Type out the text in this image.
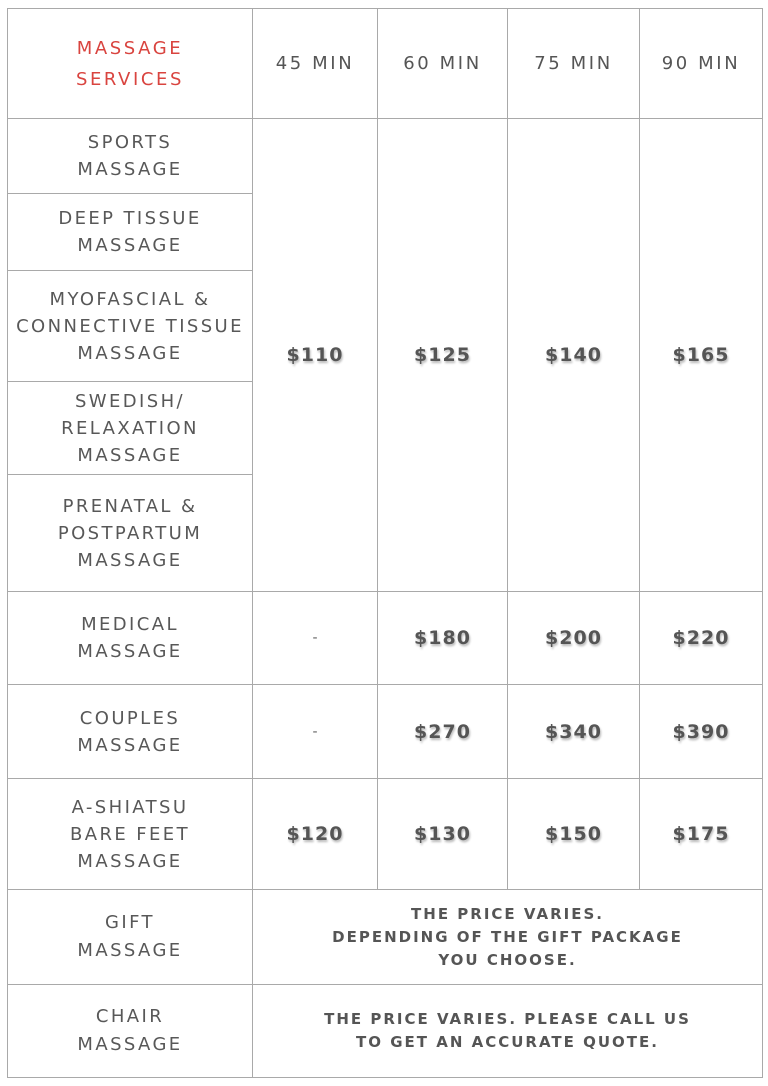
MASSAGE
SERVICES
45 MIN	60 MIN	75 MIN	90 MIN
SPORTS
MASSAGE
DEEP TISSUE
MASSAGE
MYOFASCIAL &
CONNECTIVE TISSUE
MASSAGE
SWEDISH/
RELAXATION
MASSAGE
PRENATAL &
POSTPARTUM
MASSAGE
$110	$125	$140	$165
MEDICAL
MASSAGE
-	$180	$200	$220
COUPLES
MASSAGE
-	$270	$340	$390
A-SHIATSU
BARE FEET
MASSAGE
$120	$130	$150	$175
GIFT
MASSAGE
THE PRICE VARIES.
DEPENDING OF THE GIFT PACKAGE
YOU CHOOSE.
CHAIR
MASSAGE
THE PRICE VARIES. PLEASE CALL US
TO GET AN ACCURATE QUOTE.
